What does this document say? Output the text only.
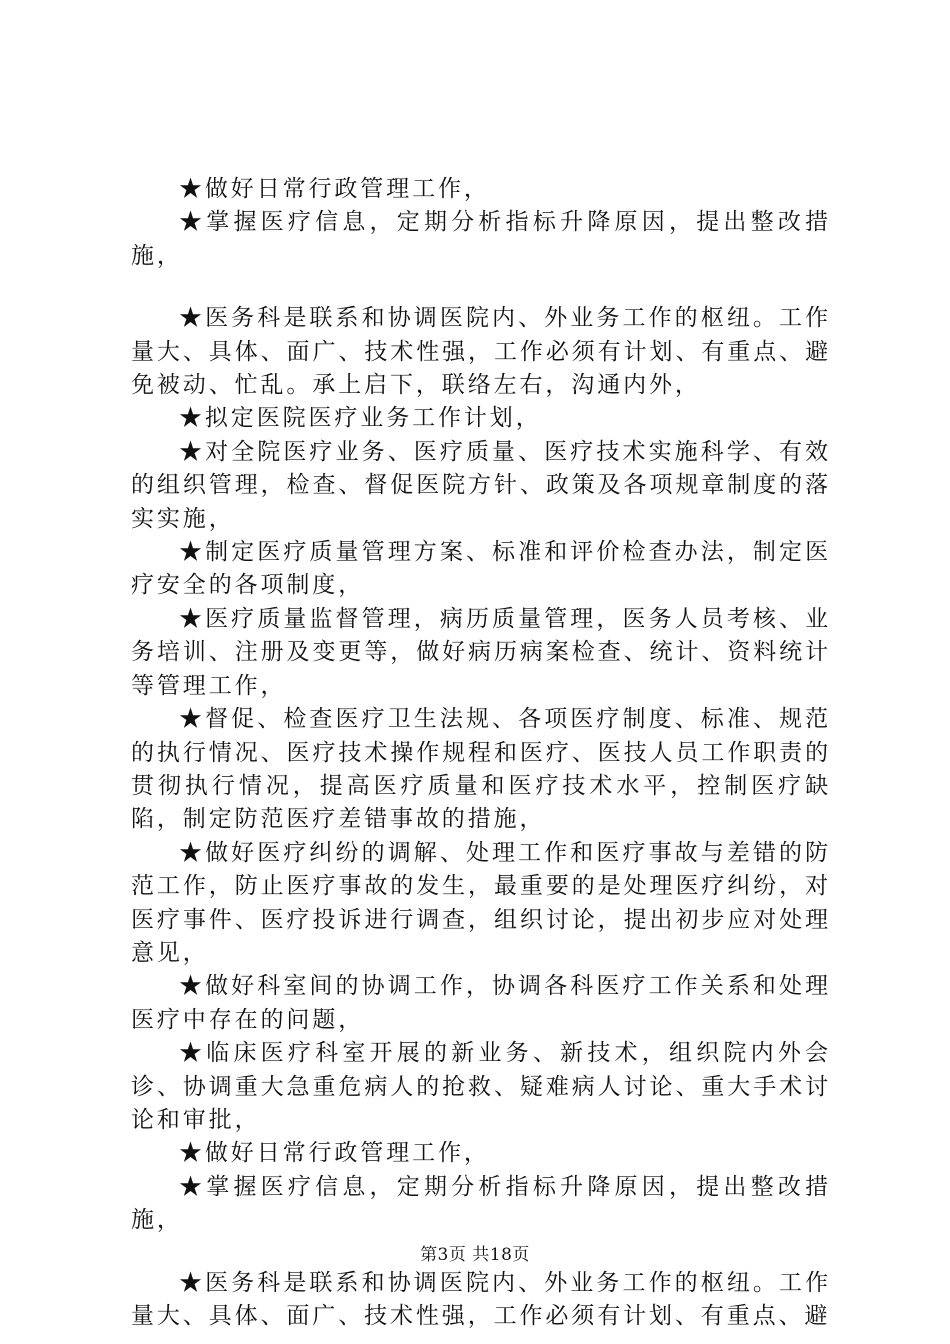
★做好日常行政管理工作，

★掌握医疗信息，定期分析指标升降原因，提出整改措施，

★医务科是联系和协调医院内、外业务工作的枢纽。工作量大、具体、面广、技术性强，工作必须有计划、有重点、避免被动、忙乱。承上启下，联络左右，沟通内外，

★拟定医院医疗业务工作计划，

★对全院医疗业务、医疗质量、医疗技术实施科学、有效的组织管理，检查、督促医院方针、政策及各项规章制度的落实实施，

★制定医疗质量管理方案、标准和评价检查办法，制定医疗安全的各项制度，

★医疗质量监督管理，病历质量管理，医务人员考核、业务培训、注册及变更等，做好病历病案检查、统计、资料统计等管理工作，

★督促、检查医疗卫生法规、各项医疗制度、标准、规范的执行情况、医疗技术操作规程和医疗、医技人员工作职责的贯彻执行情况，提高医疗质量和医疗技术水平，控制医疗缺陷，制定防范医疗差错事故的措施，

★做好医疗纠纷的调解、处理工作和医疗事故与差错的防范工作，防止医疗事故的发生，最重要的是处理医疗纠纷，对医疗事件、医疗投诉进行调查，组织讨论，提出初步应对处理意见，

★做好科室间的协调工作，协调各科医疗工作关系和处理医疗中存在的问题，

★临床医疗科室开展的新业务、新技术，组织院内外会诊、协调重大急重危病人的抢救、疑难病人讨论、重大手术讨论和审批，

★做好日常行政管理工作，

★掌握医疗信息，定期分析指标升降原因，提出整改措施，

★医务科是联系和协调医院内、外业务工作的枢纽。工作量大、具体、面广、技术性强，工作必须有计划、有重点、避

第3页 共18页
